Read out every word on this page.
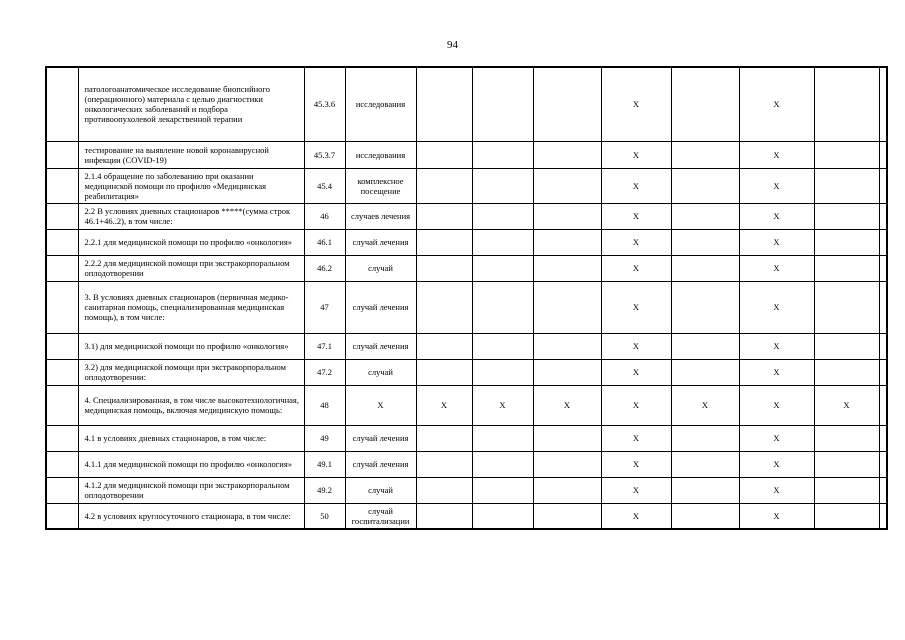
94
	патологоанатомическое исследование биопсийного (операционного) материала с целью диагностики онкологических заболеваний и подбора противоопухолевой лекарственной терапии	45.3.6	исследования				Х		Х		
	тестирование на выявление новой коронавирусной инфекции (COVID-19)	45.3.7	исследования				Х		Х		
	2.1.4 обращение по заболеванию при оказании медицинской помощи по профилю «Медицинская реабилитация»	45.4	комплексное посещение				Х		Х		
	2.2 В условиях дневных стационаров *****(сумма строк 46.1+46..2), в том числе:	46	случаев лечения				Х		Х		
	2.2.1 для медицинской помощи по профилю «онкология»	46.1	случай лечения				Х		Х		
	2.2.2 для медицинской помощи при экстракорпоральном оплодотворении	46.2	случай				Х		Х		
	3. В условиях дневных стационаров (первичная медико-санитарная помощь, специализированная медицинская помощь), в том числе:	47	случай лечения				Х		Х		
	3.1) для медицинской помощи по профилю «онкология»	47.1	случай лечения				Х		Х		
	3.2) для медицинской помощи при экстракорпоральном оплодотворении:	47.2	случай				Х		Х		
	4. Специализированная, в том числе высокотехнологичная, медицинская помощь, включая медицинскую помощь:	48	Х	Х	Х	Х	Х	Х	Х	Х	
	4.1 в условиях дневных стационаров, в том числе:	49	случай лечения				Х		Х		
	4.1.1 для медицинской помощи по профилю «онкология»	49.1	случай лечения				Х		Х		
	4.1.2 для медицинской помощи при экстракорпоральном оплодотворении	49.2	случай				Х		Х		
	4.2 в условиях круглосуточного стационара, в том числе:	50	случай госпитализации				Х		Х		
